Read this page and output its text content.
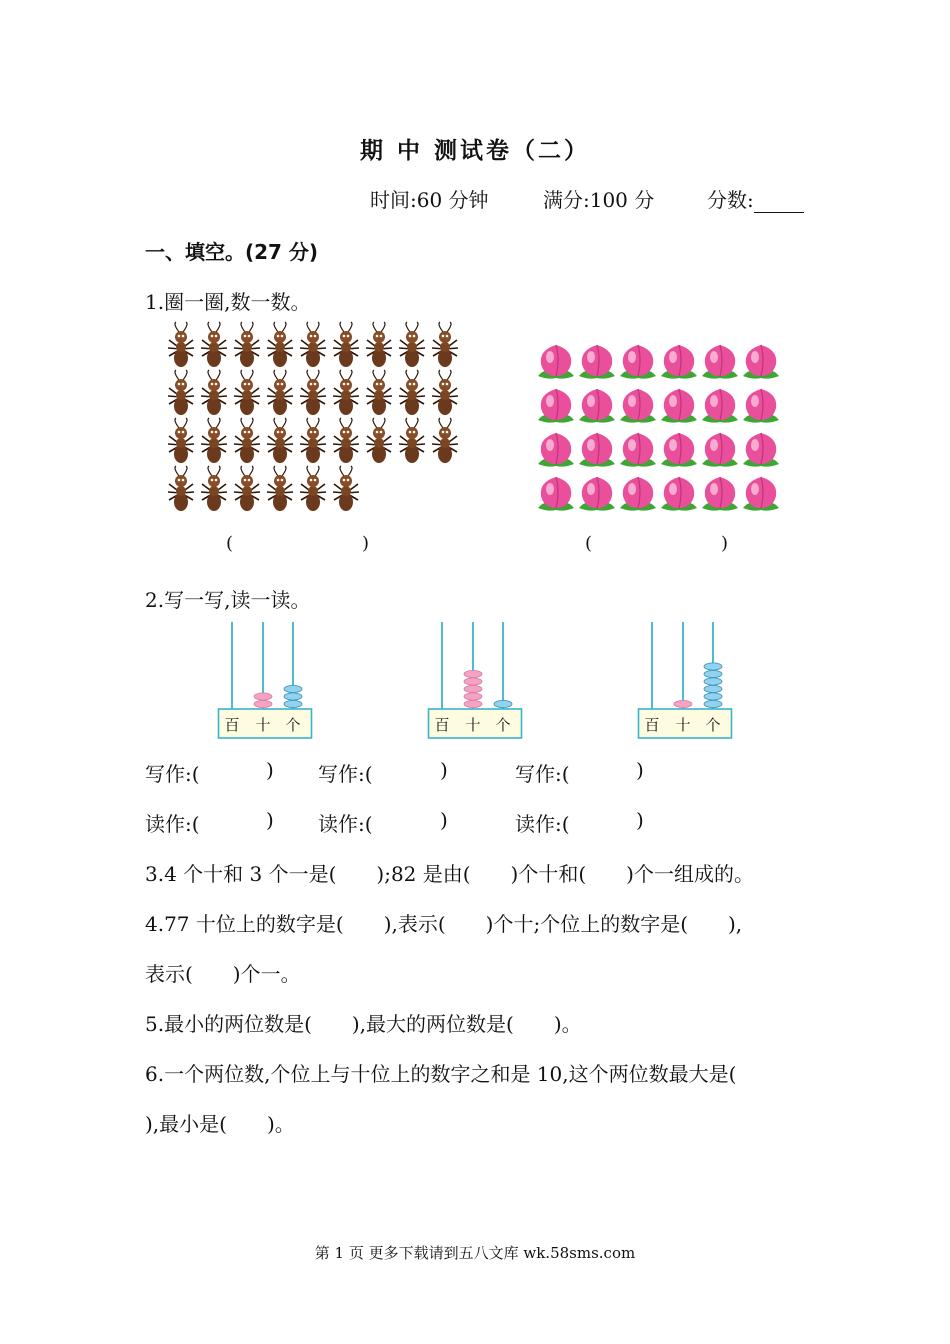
期 中 测试卷（二）
时间:60 分钟	满分:100 分	分数:
一、填空。(27 分)
1.圈一圈,数一数。
(	)	(	)
2.写一写,读一读。
百 十 个	百 十 个	百 十 个
写作:(	) 写作:(	)	写作:(	)
读作:(	) 读作:(	)	读作:(	)
3.4 个十和 3 个一是(　　);82 是由(　　)个十和(　　)个一组成的。
4.77 十位上的数字是(　　),表示(　　)个十;个位上的数字是(　　),
表示(　　)个一。
5.最小的两位数是(　　),最大的两位数是(　　)。
6.一个两位数,个位上与十位上的数字之和是 10,这个两位数最大是(
),最小是(　　)。
第 1 页 更多下载请到五八文库 wk.58sms.com
